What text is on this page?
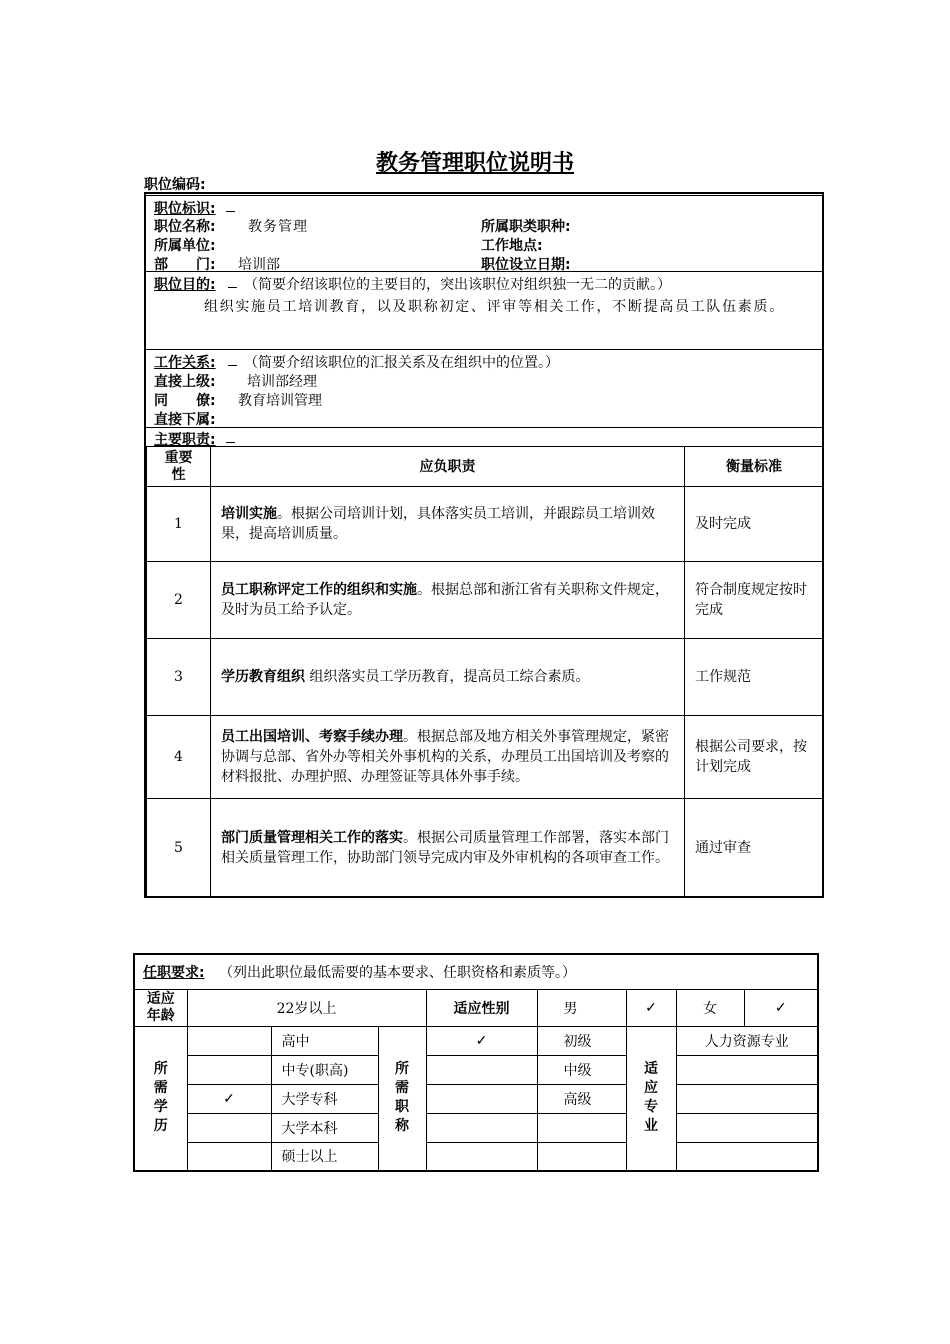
教务管理职位说明书
职位编码:
职位标识:

职位名称: 教务管理
所属单位:
部　　门: 培训部
所属职类职种:
工作地点:
职位设立日期:
职位目的:
（简要介绍该职位的主要目的，突出该职位对组织独一无二的贡献。）
组织实施员工培训教育，以及职称初定、评审等相关工作，不断提高员工队伍素质。
工作关系:
（简要介绍该职位的汇报关系及在组织中的位置。）
直接上级: 培训部经理
同　　僚: 教育培训管理
直接下属:
主要职责:

重要性	应负职责	衡量标准
1	培训实施。根据公司培训计划，具体落实员工培训，并跟踪员工培训效果，提高培训质量。	及时完成
2	员工职称评定工作的组织和实施。根据总部和浙江省有关职称文件规定，及时为员工给予认定。	符合制度规定按时完成
3	学历教育组织 组织落实员工学历教育，提高员工综合素质。	工作规范
4	员工出国培训、考察手续办理。根据总部及地方相关外事管理规定，紧密协调与总部、省外办等相关外事机构的关系，办理员工出国培训及考察的材料报批、办理护照、办理签证等具体外事手续。	根据公司要求，按计划完成
5	部门质量管理相关工作的落实。根据公司质量管理工作部署，落实本部门相关质量管理工作，协助部门领导完成内审及外审机构的各项审查工作。	通过审查
任职要求: （列出此职位最低需要的基本要求、任职资格和素质等。）								
适应年龄	22岁以上			适应性别	男	✓	女	✓
所需学历		高中	所需职称	✓	初级	适应专业	人力资源专业	
		中专(职高)			中级			
	✓	大学专科			高级			
		大学本科						
		硕士以上						
